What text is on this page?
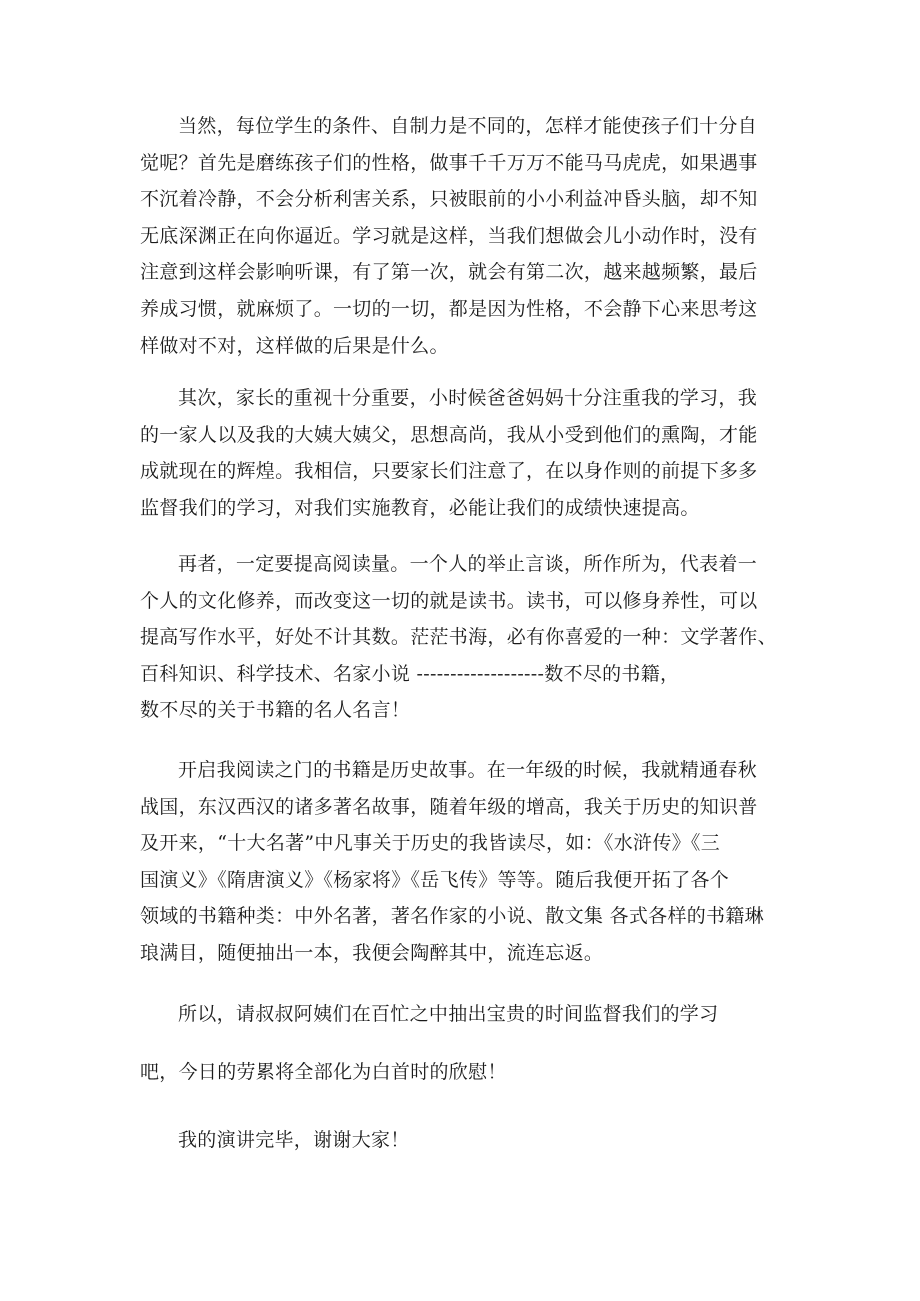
当然，每位学生的条件、自制力是不同的，怎样才能使孩子们十分自
觉呢？首先是磨练孩子们的性格，做事千千万万不能马马虎虎，如果遇事
不沉着冷静，不会分析利害关系，只被眼前的小小利益冲昏头脑，却不知
无底深渊正在向你逼近。学习就是这样，当我们想做会儿小动作时，没有
注意到这样会影响听课，有了第一次，就会有第二次，越来越频繁，最后
养成习惯，就麻烦了。一切的一切，都是因为性格，不会静下心来思考这
样做对不对，这样做的后果是什么。
其次，家长的重视十分重要，小时候爸爸妈妈十分注重我的学习，我
的一家人以及我的大姨大姨父，思想高尚，我从小受到他们的熏陶，才能
成就现在的辉煌。我相信，只要家长们注意了，在以身作则的前提下多多
监督我们的学习，对我们实施教育，必能让我们的成绩快速提高。
再者，一定要提高阅读量。一个人的举止言谈，所作所为，代表着一
个人的文化修养，而改变这一切的就是读书。读书，可以修身养性，可以
提高写作水平，好处不计其数。茫茫书海，必有你喜爱的一种：文学著作、
百科知识、科学技术、名家小说 -------------------数不尽的书籍，
数不尽的关于书籍的名人名言！
开启我阅读之门的书籍是历史故事。在一年级的时候，我就精通春秋
战国，东汉西汉的诸多著名故事，随着年级的增高，我关于历史的知识普
及开来，“十大名著”中凡事关于历史的我皆读尽，如：《水浒传》《三
国演义》《隋唐演义》《杨家将》《岳飞传》等等。随后我便开拓了各个
领域的书籍种类：中外名著，著名作家的小说、散文集 各式各样的书籍琳
琅满目，随便抽出一本，我便会陶醉其中，流连忘返。
所以，请叔叔阿姨们在百忙之中抽出宝贵的时间监督我们的学习
吧，今日的劳累将全部化为白首时的欣慰！
我的演讲完毕，谢谢大家！
